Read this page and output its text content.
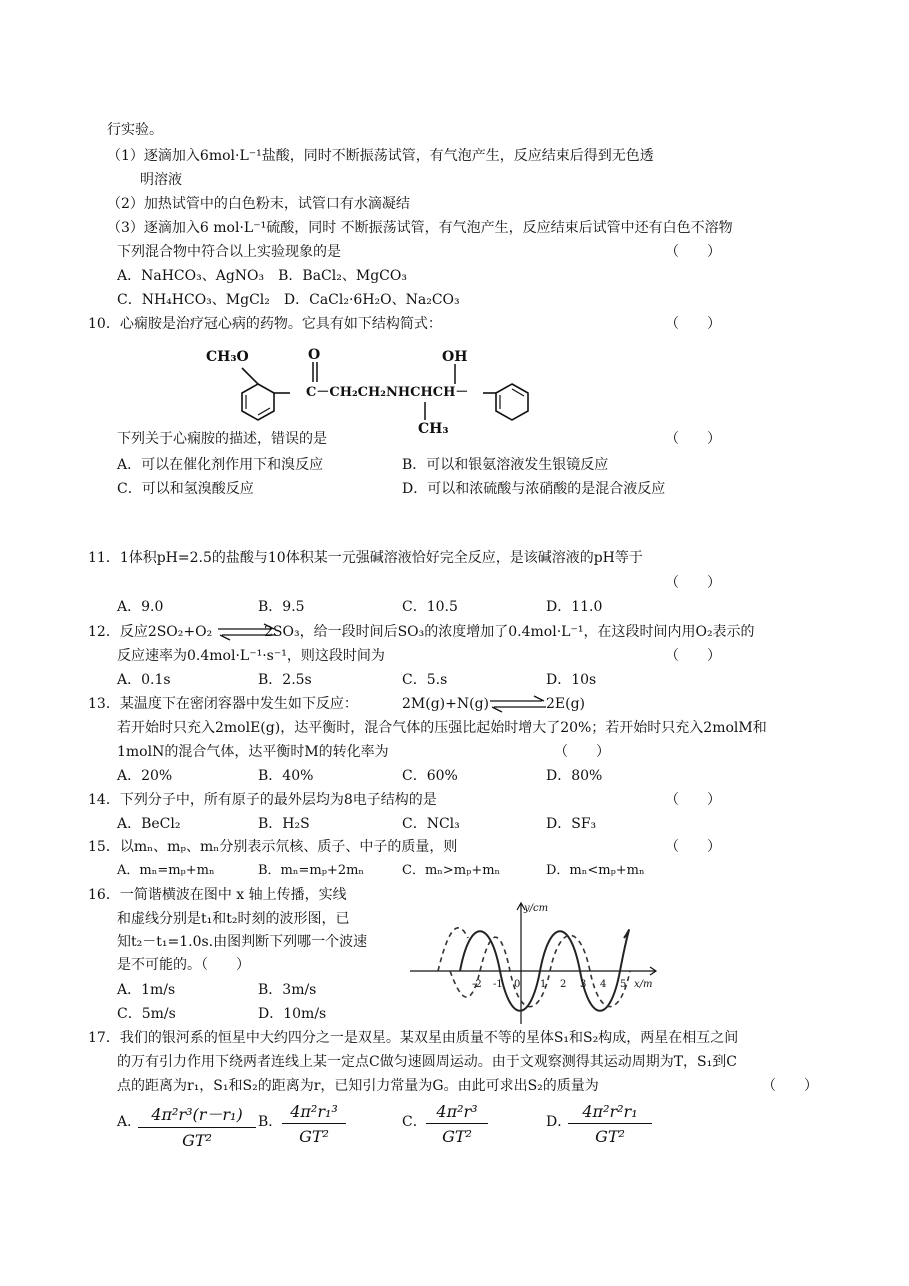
行实验。
（1）逐滴加入6mol·L⁻¹盐酸，同时不断振荡试管，有气泡产生，反应结束后得到无色透
明溶液
（2）加热试管中的白色粉末，试管口有水滴凝结
（3）逐滴加入6 mol·L⁻¹硫酸，同时 不断振荡试管，有气泡产生，反应结束后试管中还有白色不溶物
下列混合物中符合以上实验现象的是	（　　）
A．NaHCO₃、AgNO₃　B．BaCl₂、MgCO₃
C．NH₄HCO₃、MgCl₂　D．CaCl₂·6H₂O、Na₂CO₃
10．心痫胺是治疗冠心病的药物。它具有如下结构简式：	（　　）
CH₃O	O	OH
C－CH₂CH₂NHCHCH－
CH₃
下列关于心痫胺的描述，错误的是	（　　）
A．可以在催化剂作用下和溴反应	B．可以和银氨溶液发生银镜反应
C．可以和氢溴酸反应	D．可以和浓硫酸与浓硝酸的是混合液反应
11．1体积pH=2.5的盐酸与10体积某一元强碱溶液恰好完全反应，是该碱溶液的pH等于
（　　）
A．9.0	B．9.5	C．10.5	D．11.0
12．反应2SO₂+O₂	2SO₃，给一段时间后SO₃的浓度增加了0.4mol·L⁻¹，在这段时间内用O₂表示的
反应速率为0.4mol·L⁻¹·s⁻¹，则这段时间为	（　　）
A．0.1s	B．2.5s	C．5.s	D．10s
13．某温度下在密闭容器中发生如下反应：	2M(g)+N(g)	2E(g)
若开始时只充入2molE(g)，达平衡时，混合气体的压强比起始时增大了20%；若开始时只充入2molM和
1molN的混合气体，达平衡时M的转化率为	（　　）
A．20%	B．40%	C．60%	D．80%
14．下列分子中，所有原子的最外层均为8电子结构的是	（　　）
A．BeCl₂	B．H₂S	C．NCl₃	D．SF₃
15．以mₙ、mₚ、mₙ分别表示氘核、质子、中子的质量，则	（　　）
A．mₙ=mₚ+mₙ	B．mₙ=mₚ+2mₙ	C．mₙ>mₚ+mₙ	D．mₙ<mₚ+mₙ
16．一简谐横波在图中 x 轴上传播，实线
和虚线分别是t₁和t₂时刻的波形图，已
知t₂－t₁=1.0s.由图判断下列哪一个波速
是不可能的。（　　）
A．1m/s	B．3m/s
C．5m/s	D．10m/s
y/cm
x/m
-2 -1 0 1 2 3 4 5
17．我们的银河系的恒星中大约四分之一是双星。某双星由质量不等的星体S₁和S₂构成，两星在相互之间
的万有引力作用下绕两者连线上某一定点C做匀速圆周运动。由于文观察测得其运动周期为T，S₁到C
点的距离为r₁，S₁和S₂的距离为r，已知引力常量为G。由此可求出S₂的质量为	（　　）
A．
$\frac{\text{4π²r³(r－r₁)}}{\text{GT²}}$ B． $\frac{\text{4π²r₁³}}{\text{GT²}}$	C． $\frac{\text{4π²r³}}{\text{GT²}}$	D．
$\frac{\text{4π²r²r₁}}{\text{GT²}}$
